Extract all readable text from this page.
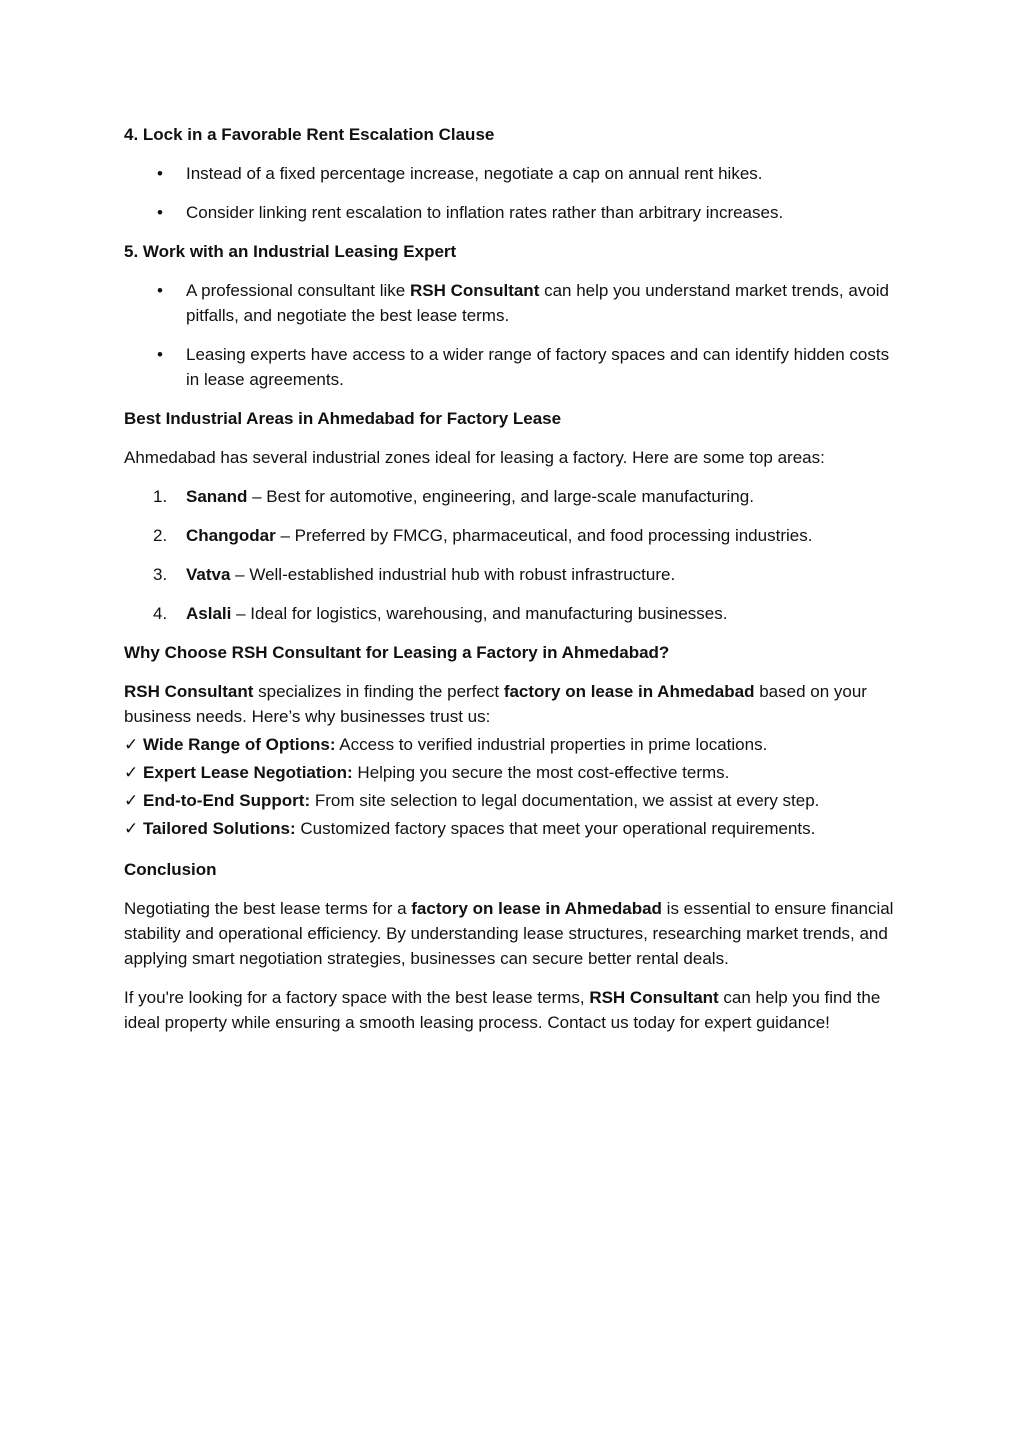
4. Lock in a Favorable Rent Escalation Clause
• Instead of a fixed percentage increase, negotiate a cap on annual rent hikes.
• Consider linking rent escalation to inflation rates rather than arbitrary increases.
5. Work with an Industrial Leasing Expert
• A professional consultant like RSH Consultant can help you understand market trends, avoid pitfalls, and negotiate the best lease terms.
• Leasing experts have access to a wider range of factory spaces and can identify hidden costs in lease agreements.
Best Industrial Areas in Ahmedabad for Factory Lease

Ahmedabad has several industrial zones ideal for leasing a factory. Here are some top areas:

1. Sanand – Best for automotive, engineering, and large-scale manufacturing.
2. Changodar – Preferred by FMCG, pharmaceutical, and food processing industries.
3. Vatva – Well-established industrial hub with robust infrastructure.
4. Aslali – Ideal for logistics, warehousing, and manufacturing businesses.
Why Choose RSH Consultant for Leasing a Factory in Ahmedabad?

RSH Consultant specializes in finding the perfect factory on lease in Ahmedabad based on your business needs. Here’s why businesses trust us:

✓ Wide Range of Options: Access to verified industrial properties in prime locations.
✓ Expert Lease Negotiation: Helping you secure the most cost-effective terms.
✓ End-to-End Support: From site selection to legal documentation, we assist at every step.
✓ Tailored Solutions: Customized factory spaces that meet your operational requirements.
Conclusion

Negotiating the best lease terms for a factory on lease in Ahmedabad is essential to ensure financial stability and operational efficiency. By understanding lease structures, researching market trends, and applying smart negotiation strategies, businesses can secure better rental deals.

If you're looking for a factory space with the best lease terms, RSH Consultant can help you find the ideal property while ensuring a smooth leasing process. Contact us today for expert guidance!
